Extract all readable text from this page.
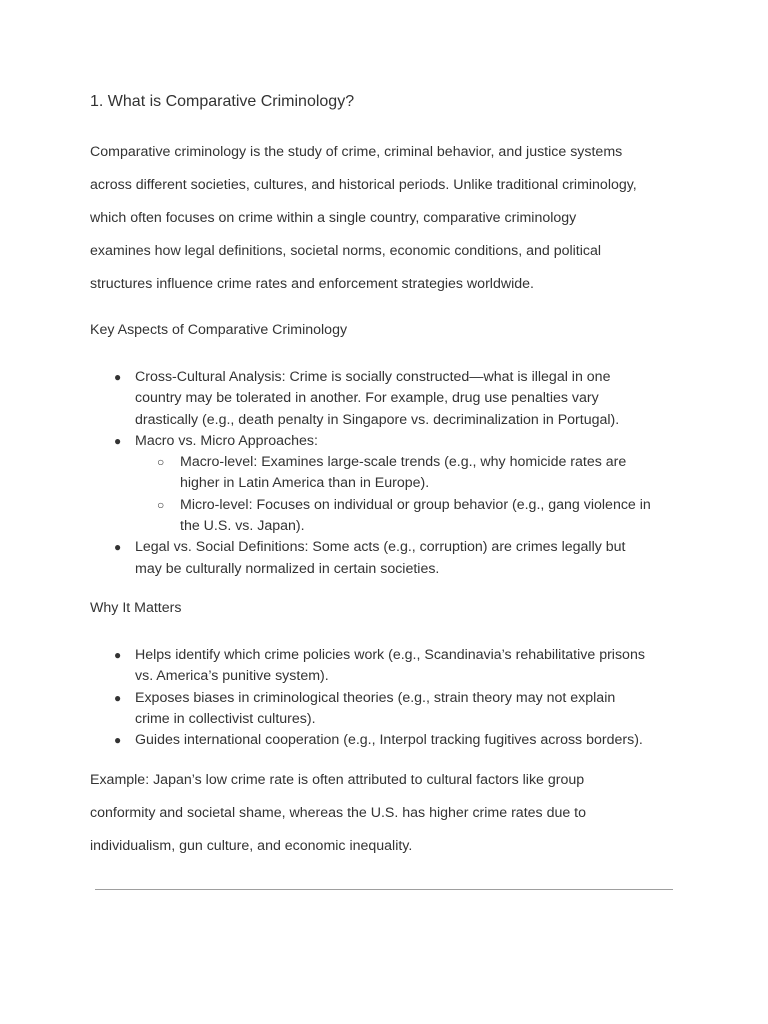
1. What is Comparative Criminology?
Comparative criminology is the study of crime, criminal behavior, and justice systems
across different societies, cultures, and historical periods. Unlike traditional criminology,
which often focuses on crime within a single country, comparative criminology
examines how legal definitions, societal norms, economic conditions, and political
structures influence crime rates and enforcement strategies worldwide.
Key Aspects of Comparative Criminology
● Cross-Cultural Analysis: Crime is socially constructed—what is illegal in one
country may be tolerated in another. For example, drug use penalties vary
drastically (e.g., death penalty in Singapore vs. decriminalization in Portugal).
● Macro vs. Micro Approaches:
○ Macro-level: Examines large-scale trends (e.g., why homicide rates are
higher in Latin America than in Europe).
○ Micro-level: Focuses on individual or group behavior (e.g., gang violence in
the U.S. vs. Japan).
● Legal vs. Social Definitions: Some acts (e.g., corruption) are crimes legally but
may be culturally normalized in certain societies.
Why It Matters
● Helps identify which crime policies work (e.g., Scandinavia’s rehabilitative prisons
vs. America’s punitive system).
● Exposes biases in criminological theories (e.g., strain theory may not explain
crime in collectivist cultures).
● Guides international cooperation (e.g., Interpol tracking fugitives across borders).
Example: Japan’s low crime rate is often attributed to cultural factors like group
conformity and societal shame, whereas the U.S. has higher crime rates due to
individualism, gun culture, and economic inequality.
